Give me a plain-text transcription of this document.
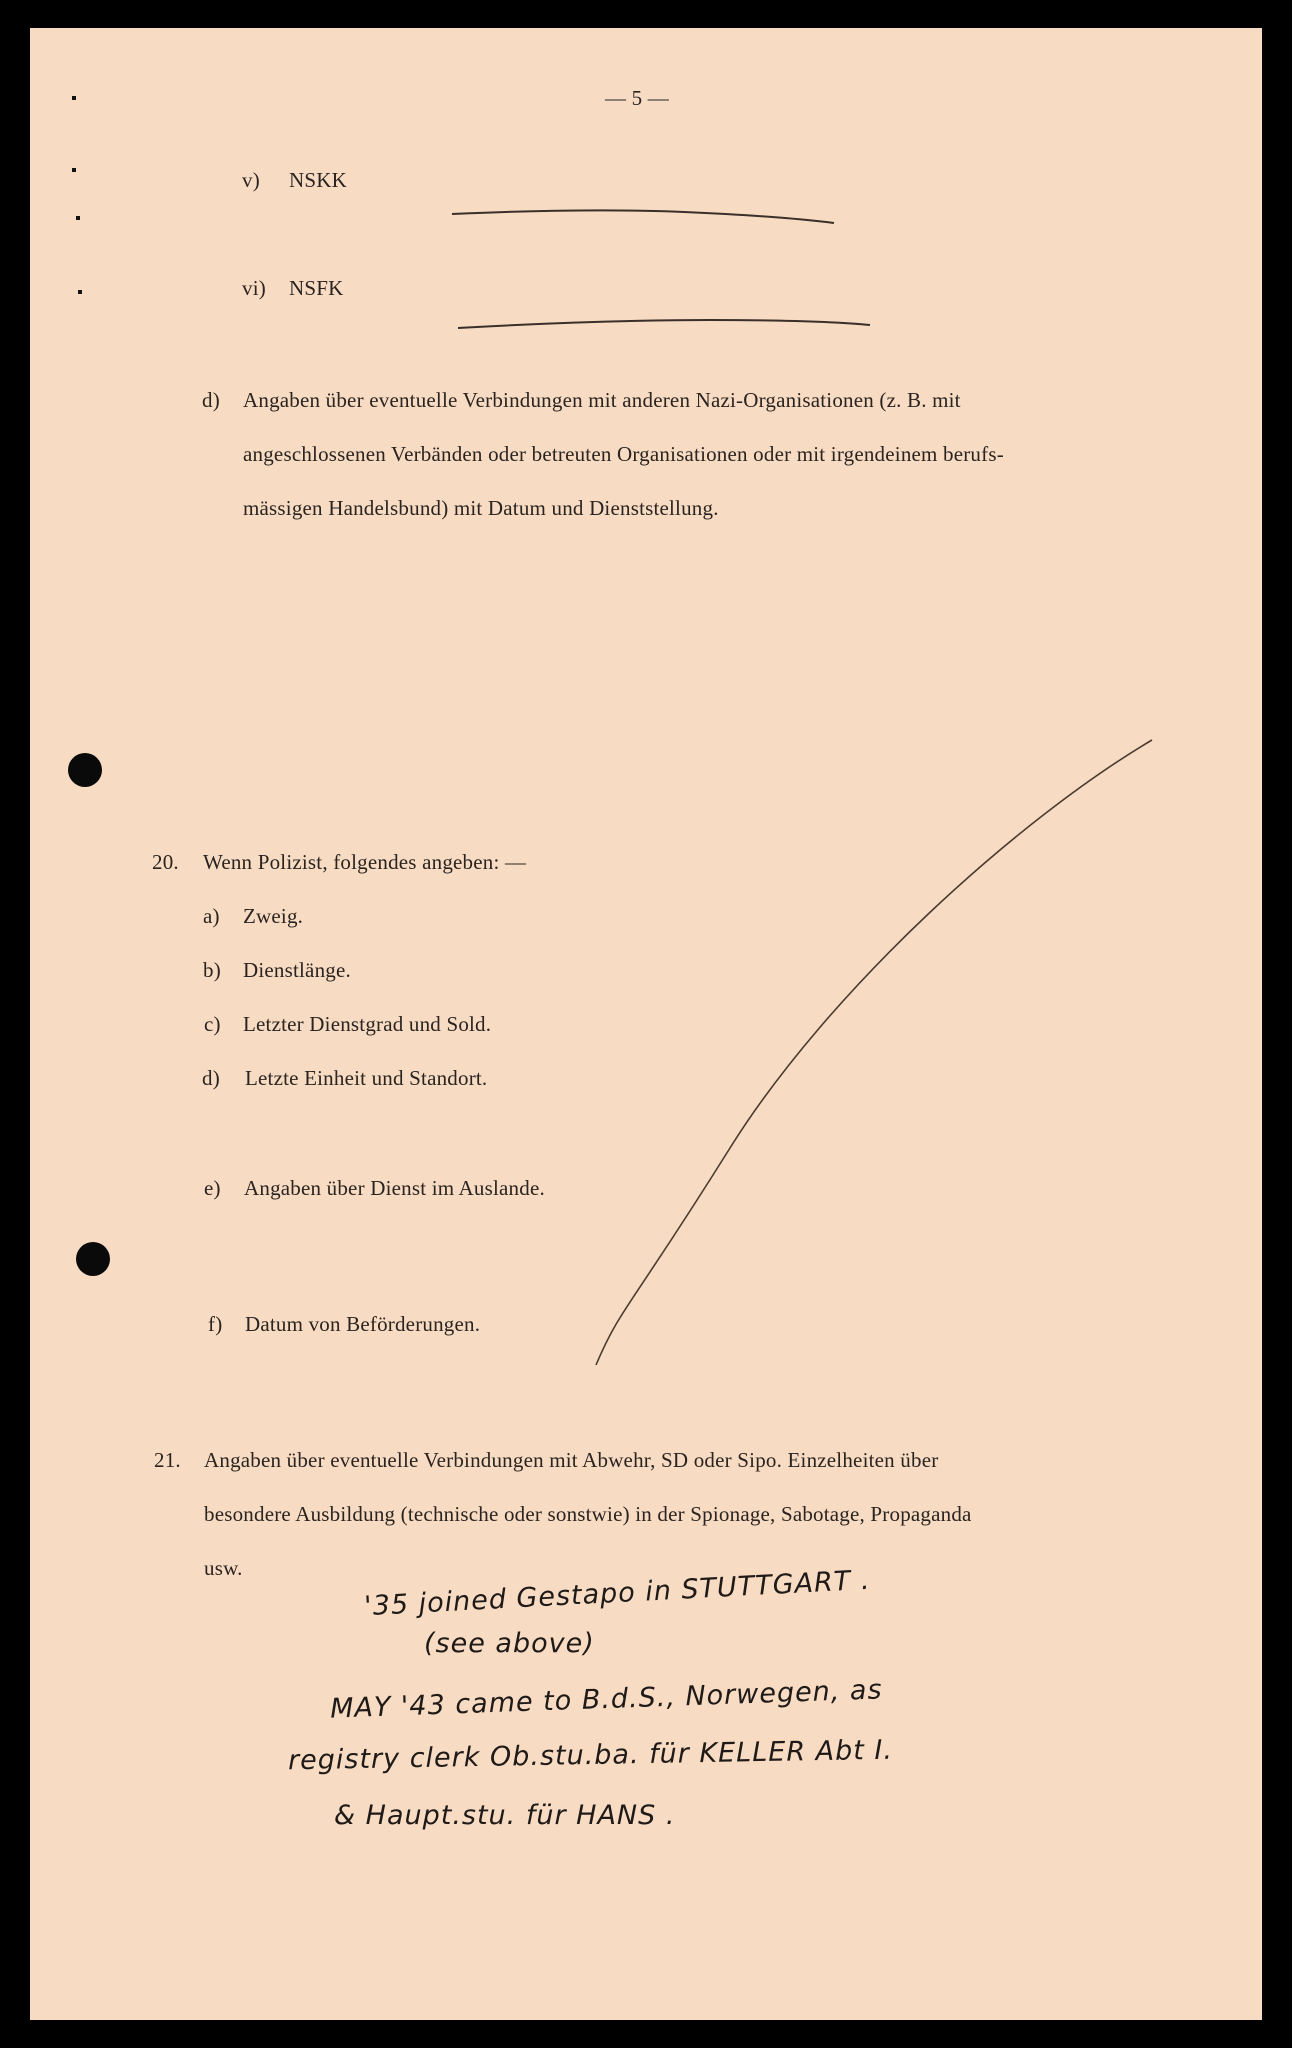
— 5 —
v) NSKK
vi) NSFK
d) Angaben über eventuelle Verbindungen mit anderen Nazi-Organisationen (z. B. mit
angeschlossenen Verbänden oder betreuten Organisationen oder mit irgendeinem berufs-
mässigen Handelsbund) mit Datum und Dienststellung.
20. Wenn Polizist, folgendes angeben: —
a) Zweig.
b) Dienstlänge.
c) Letzter Dienstgrad und Sold.
d) Letzte Einheit und Standort.
e) Angaben über Dienst im Auslande.
f) Datum von Beförderungen.
21. Angaben über eventuelle Verbindungen mit Abwehr, SD oder Sipo. Einzelheiten über
besondere Ausbildung (technische oder sonstwie) in der Spionage, Sabotage, Propaganda
usw.	'35 joined Gestapo in STUTTGART .
(see above)
MAY '43 came to B.d.S., Norwegen, as
registry clerk Ob.stu.ba. für KELLER Abt I.
& Haupt.stu. für HANS .
